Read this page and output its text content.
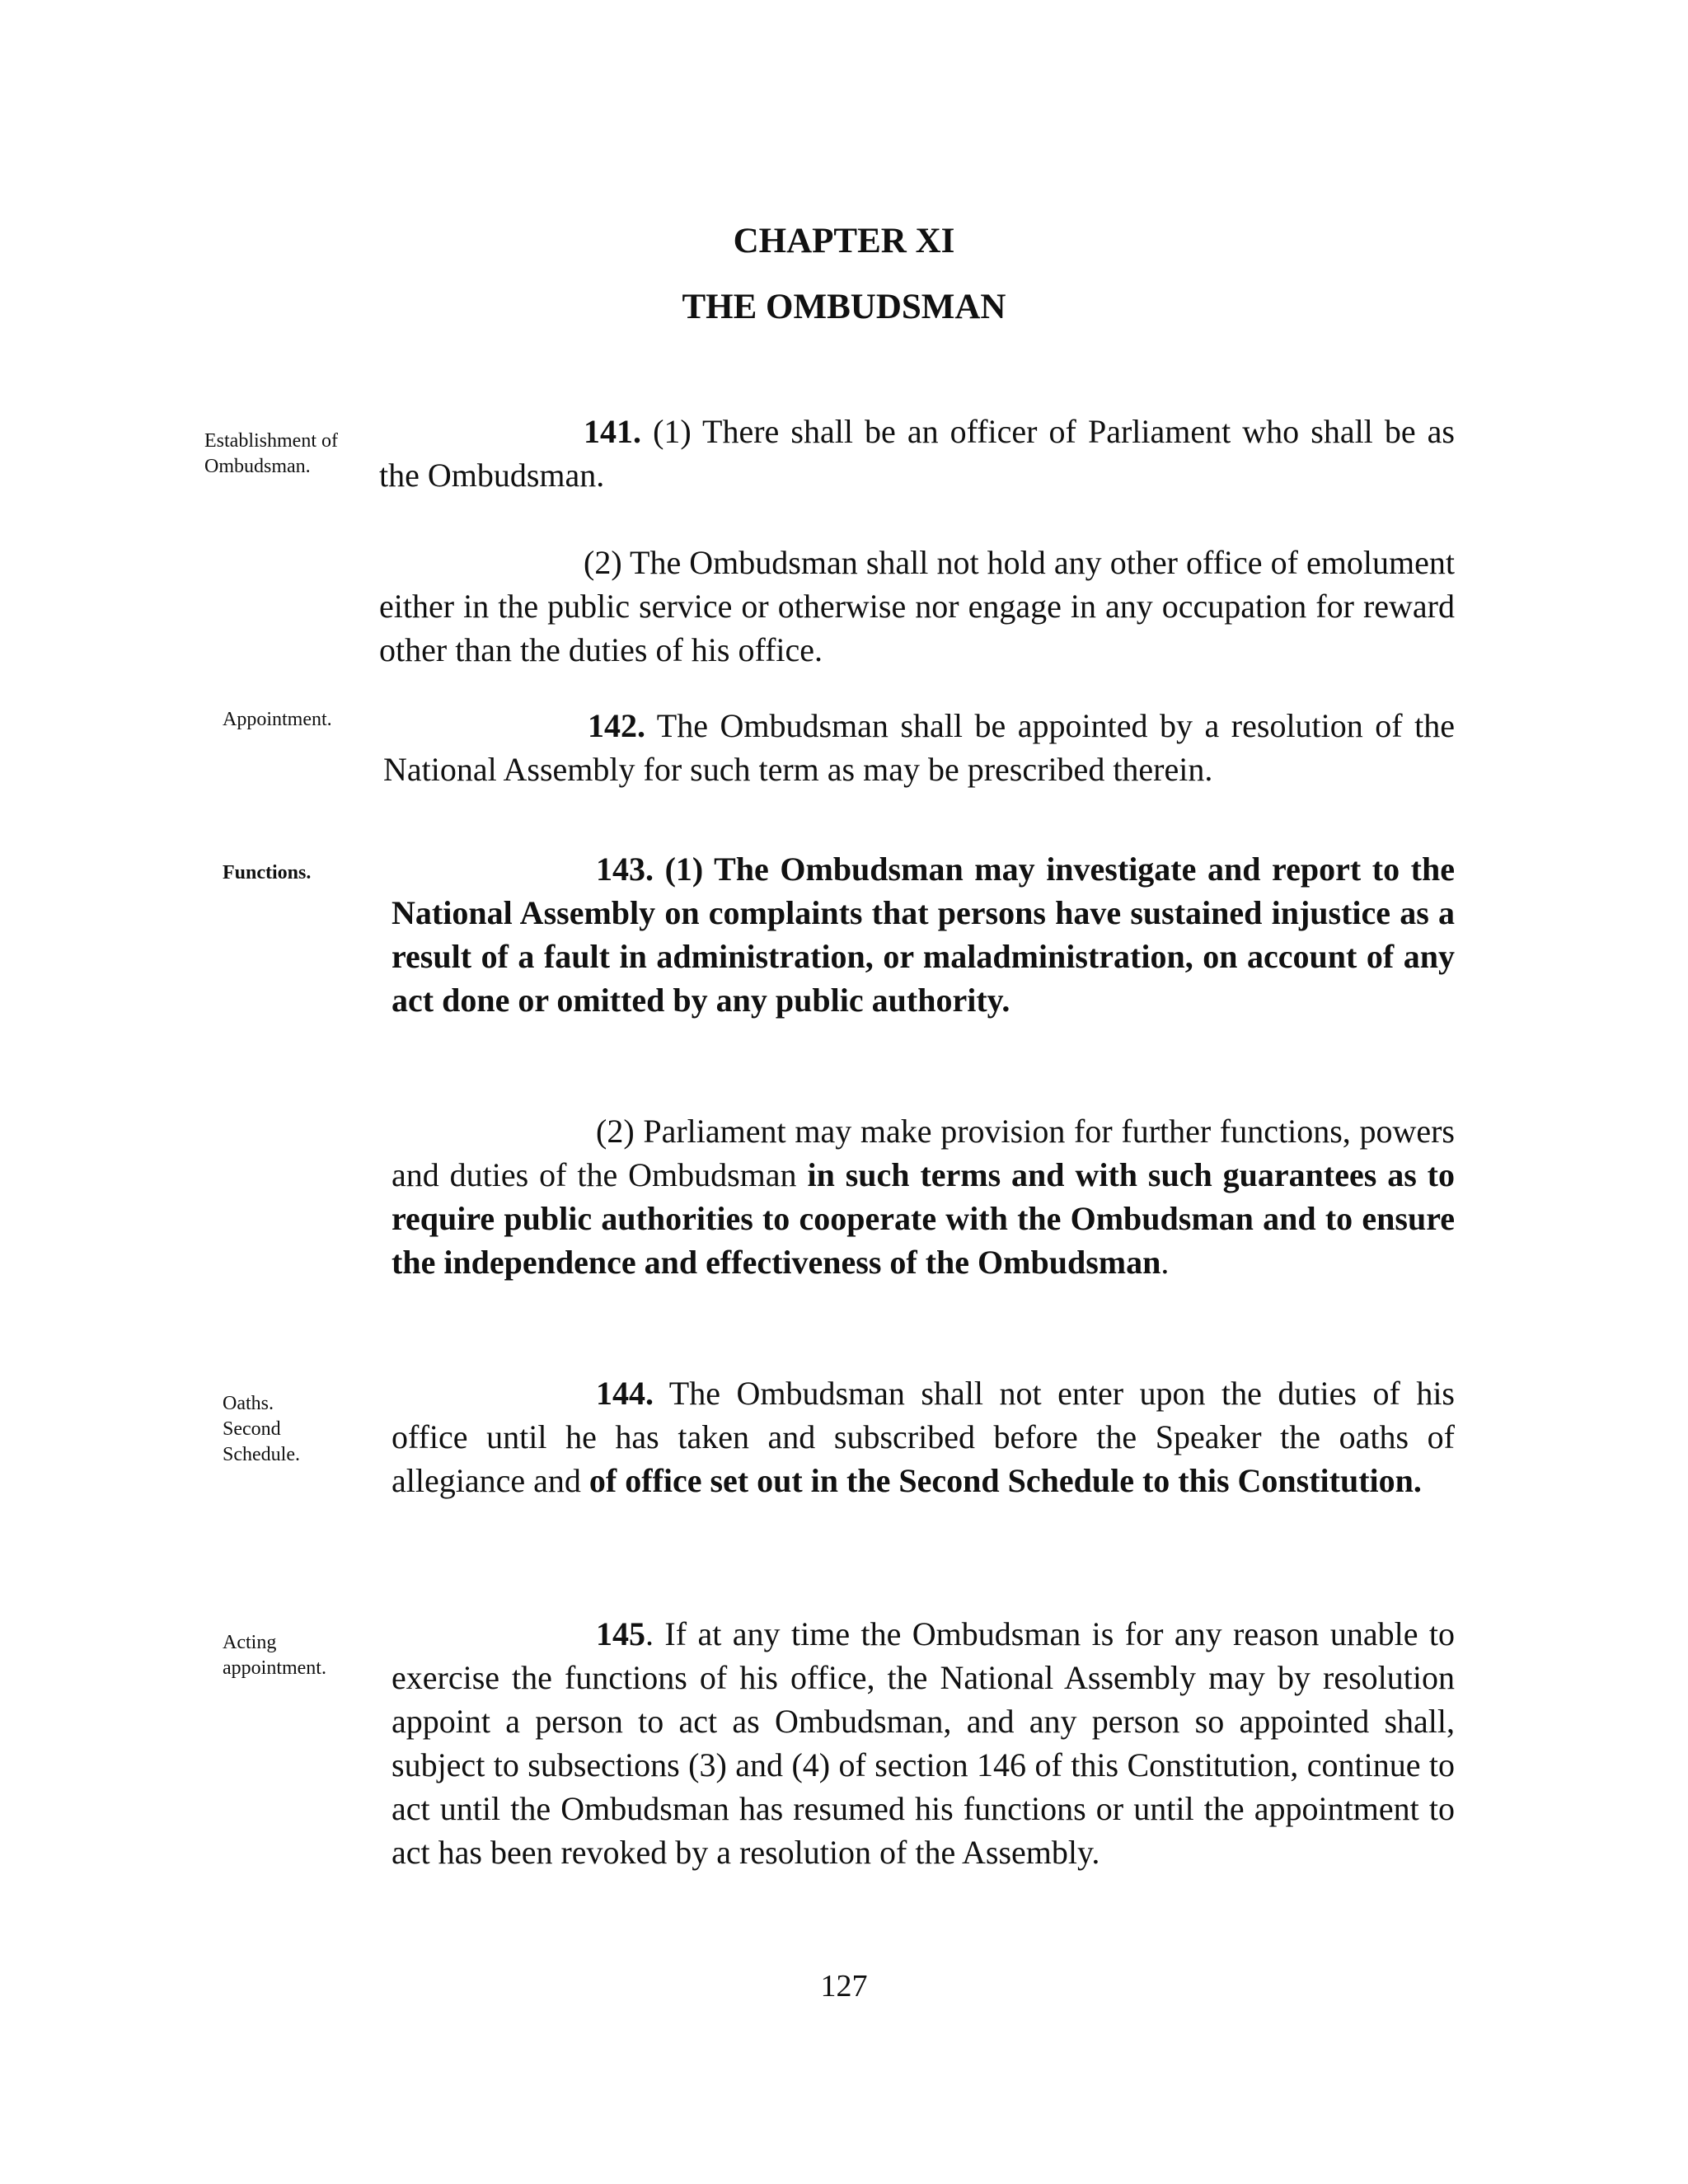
CHAPTER XI
THE OMBUDSMAN
Establishment of
Ombudsman.

141. (1) There shall be an officer of Parliament who shall be as the Ombudsman.

(2) The Ombudsman shall not hold any other office of emolument either in the public service or otherwise nor engage in any occupation for reward other than the duties of his office.

Appointment.	142. The Ombudsman shall be appointed by a resolution of the National Assembly for such term as may be prescribed therein.

Functions.	143. (1) The Ombudsman may investigate and report to the National Assembly on complaints that persons have sustained injustice as a result of a fault in administration, or maladministration, on account of any act done or omitted by any public authority.

(2) Parliament may make provision for further functions, powers and duties of the Ombudsman in such terms and with such guarantees as to require public authorities to cooperate with the Ombudsman and to ensure the independence and effectiveness of the Ombudsman.

Oaths.
Second
Schedule.

144. The Ombudsman shall not enter upon the duties of his office until he has taken and subscribed before the Speaker the oaths of allegiance and of office set out in the Second Schedule to this Constitution.

Acting
appointment.

145. If at any time the Ombudsman is for any reason unable to exercise the functions of his office, the National Assembly may by resolution appoint a person to act as Ombudsman, and any person so appointed shall, subject to subsections (3) and (4) of section 146 of this Constitution, continue to act until the Ombudsman has resumed his functions or until the appointment to act has been revoked by a resolution of the Assembly.

127
